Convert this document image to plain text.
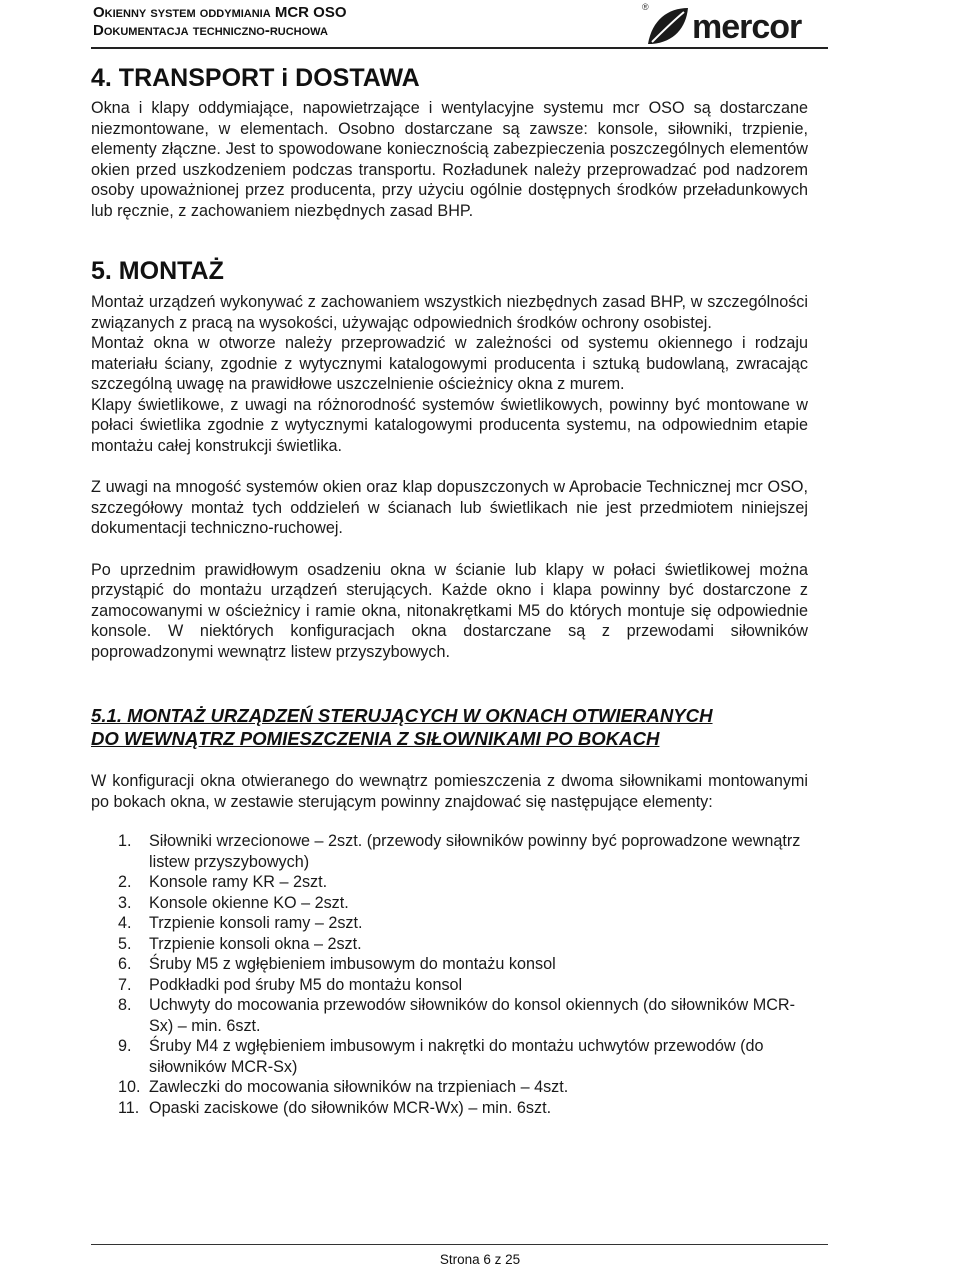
Okienny system oddymiania MCR OSO
Dokumentacja techniczno-ruchowa
®
mercor
4. TRANSPORT i DOSTAWA

Okna i klapy oddymiające, napowietrzające i wentylacyjne systemu mcr OSO są dostarczane niezmontowane, w elementach. Osobno dostarczane są zawsze: konsole, siłowniki, trzpienie, elementy złączne. Jest to spowodowane koniecznością zabezpieczenia poszczególnych elementów okien przed uszkodzeniem podczas transportu. Rozładunek należy przeprowadzać pod nadzorem osoby upoważnionej przez producenta, przy użyciu ogólnie dostępnych środków przeładunkowych lub ręcznie, z zachowaniem niezbędnych zasad BHP.

5. MONTAŻ

Montaż urządzeń wykonywać z zachowaniem wszystkich niezbędnych zasad BHP, w szczególności związanych z pracą na wysokości, używając odpowiednich środków ochrony osobistej.

Montaż okna w otworze należy przeprowadzić w zależności od systemu okiennego i rodzaju materiału ściany, zgodnie z wytycznymi katalogowymi producenta i sztuką budowlaną, zwracając szczególną uwagę na prawidłowe uszczelnienie ościeżnicy okna z murem.

Klapy świetlikowe, z uwagi na różnorodność systemów świetlikowych, powinny być montowane w połaci świetlika zgodnie z wytycznymi katalogowymi producenta systemu, na odpowiednim etapie montażu całej konstrukcji świetlika.

Z uwagi na mnogość systemów okien oraz klap dopuszczonych w Aprobacie Technicznej mcr OSO, szczegółowy montaż tych oddzieleń w ścianach lub świetlikach nie jest przedmiotem niniejszej dokumentacji techniczno-ruchowej.

Po uprzednim prawidłowym osadzeniu okna w ścianie lub klapy w połaci świetlikowej można przystąpić do montażu urządzeń sterujących. Każde okno i klapa powinny być dostarczone z zamocowanymi w ościeżnicy i ramie okna, nitonakrętkami M5 do których montuje się odpowiednie konsole. W niektórych konfiguracjach okna dostarczane są z przewodami siłowników poprowadzonymi wewnątrz listew przyszybowych.

5.1. MONTAŻ URZĄDZEŃ STERUJĄCYCH W OKNACH OTWIERANYCH
DO WEWNĄTRZ POMIESZCZENIA Z SIŁOWNIKAMI PO BOKACH

W konfiguracji okna otwieranego do wewnątrz pomieszczenia z dwoma siłownikami montowanymi po bokach okna, w zestawie sterującym powinny znajdować się następujące elementy:

1. Siłowniki wrzecionowe – 2szt. (przewody siłowników powinny być poprowadzone wewnątrz listew przyszybowych)
2. Konsole ramy KR – 2szt.
3. Konsole okienne KO – 2szt.
4. Trzpienie konsoli ramy – 2szt.
5. Trzpienie konsoli okna – 2szt.
6. Śruby M5 z wgłębieniem imbusowym do montażu konsol
7. Podkładki pod śruby M5 do montażu konsol
8. Uchwyty do mocowania przewodów siłowników do konsol okiennych (do siłowników MCR-Sx) – min. 6szt.
9. Śruby M4 z wgłębieniem imbusowym i nakrętki do montażu uchwytów przewodów (do siłowników MCR-Sx)
10. Zawleczki do mocowania siłowników na trzpieniach – 4szt.
11. Opaski zaciskowe (do siłowników MCR-Wx) – min. 6szt.
Strona 6 z 25
